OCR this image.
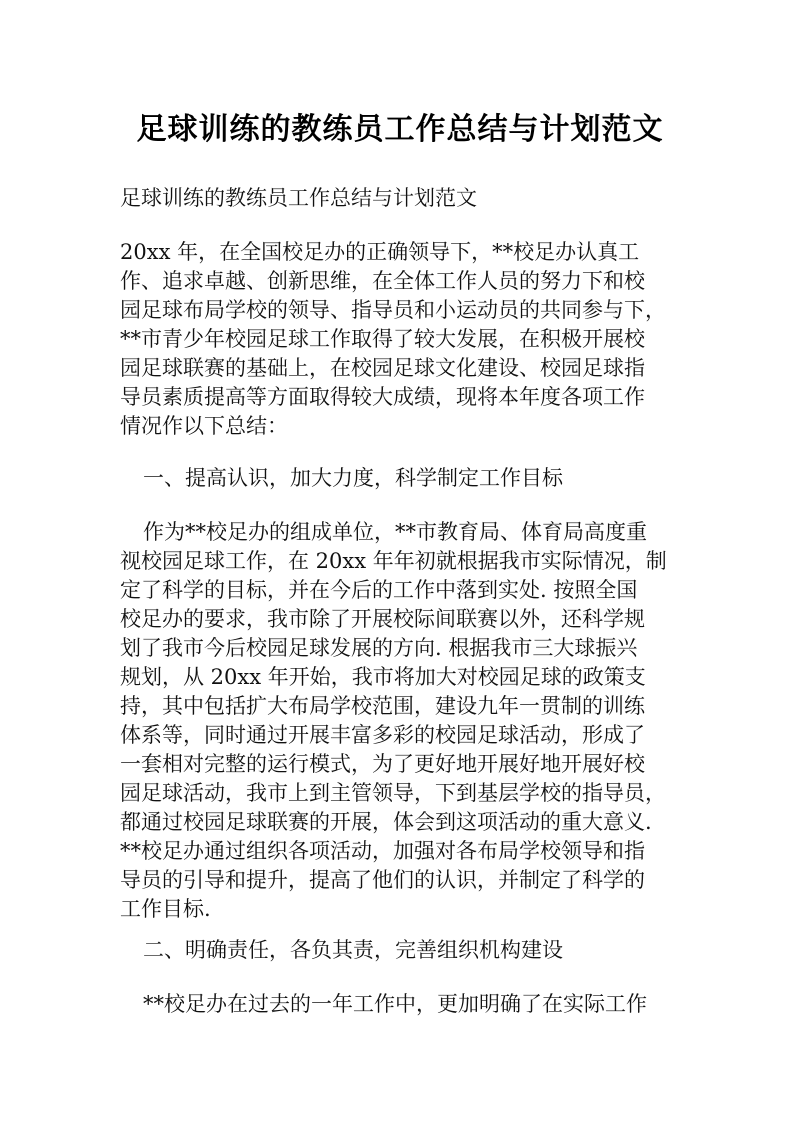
足球训练的教练员工作总结与计划范文
足球训练的教练员工作总结与计划范文
20xx 年，在全国校足办的正确领导下，**校足办认真工
作、追求卓越、创新思维，在全体工作人员的努力下和校
园足球布局学校的领导、指导员和小运动员的共同参与下，
**市青少年校园足球工作取得了较大发展，在积极开展校
园足球联赛的基础上，在校园足球文化建设、校园足球指
导员素质提高等方面取得较大成绩，现将本年度各项工作
情况作以下总结：
一、提高认识，加大力度，科学制定工作目标
作为**校足办的组成单位，**市教育局、体育局高度重
视校园足球工作，在 20xx 年年初就根据我市实际情况，制
定了科学的目标，并在今后的工作中落到实处. 按照全国
校足办的要求，我市除了开展校际间联赛以外，还科学规
划了我市今后校园足球发展的方向. 根据我市三大球振兴
规划，从 20xx 年开始，我市将加大对校园足球的政策支
持，其中包括扩大布局学校范围，建设九年一贯制的训练
体系等，同时通过开展丰富多彩的校园足球活动，形成了
一套相对完整的运行模式，为了更好地开展好地开展好校
园足球活动，我市上到主管领导，下到基层学校的指导员，
都通过校园足球联赛的开展，体会到这项活动的重大意义.
**校足办通过组织各项活动，加强对各布局学校领导和指
导员的引导和提升，提高了他们的认识，并制定了科学的
工作目标.
二、明确责任，各负其责，完善组织机构建设
**校足办在过去的一年工作中，更加明确了在实际工作
